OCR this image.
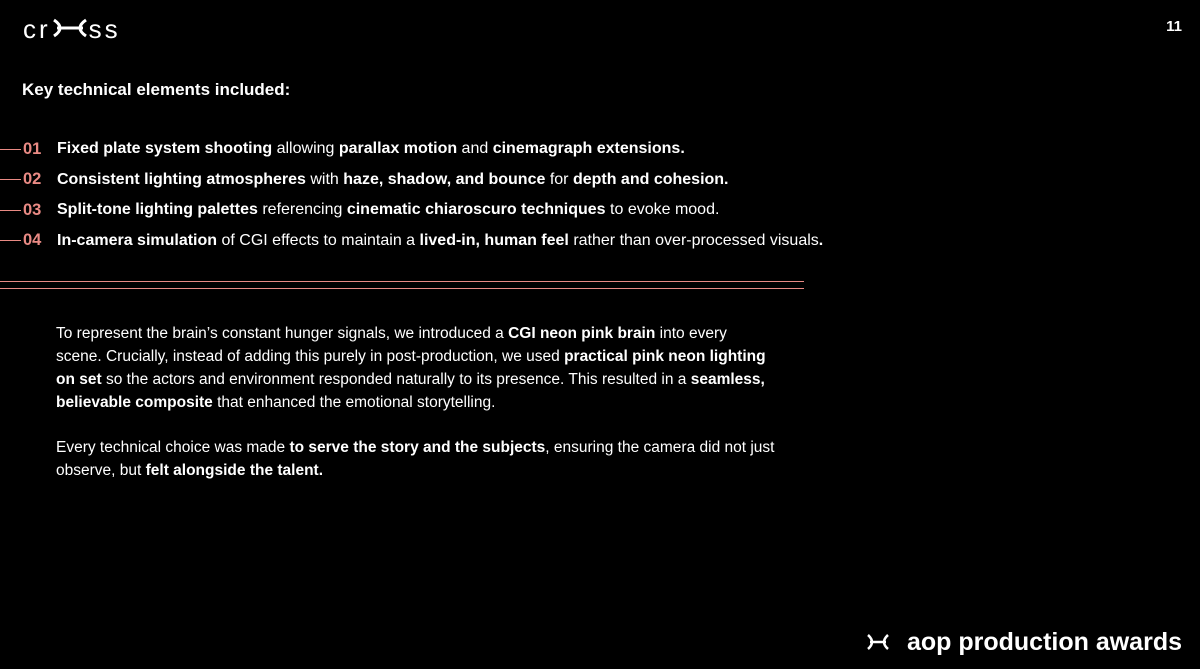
cr ss	11
Key technical elements included:
01 Fixed plate system shooting allowing parallax motion and cinemagraph extensions.
02 Consistent lighting atmospheres with haze, shadow, and bounce for depth and cohesion.
03 Split-tone lighting palettes referencing cinematic chiaroscuro techniques to evoke mood.
04 In-camera simulation of CGI effects to maintain a lived-in, human feel rather than over-processed visuals.

To represent the brain’s constant hunger signals, we introduced a CGI neon pink brain into every scene. Crucially, instead of adding this purely in post-production, we used practical pink neon lighting on set so the actors and environment responded naturally to its presence. This resulted in a seamless, believable composite that enhanced the emotional storytelling.

Every technical choice was made to serve the story and the subjects, ensuring the camera did not just observe, but felt alongside the talent.

aop production awards
